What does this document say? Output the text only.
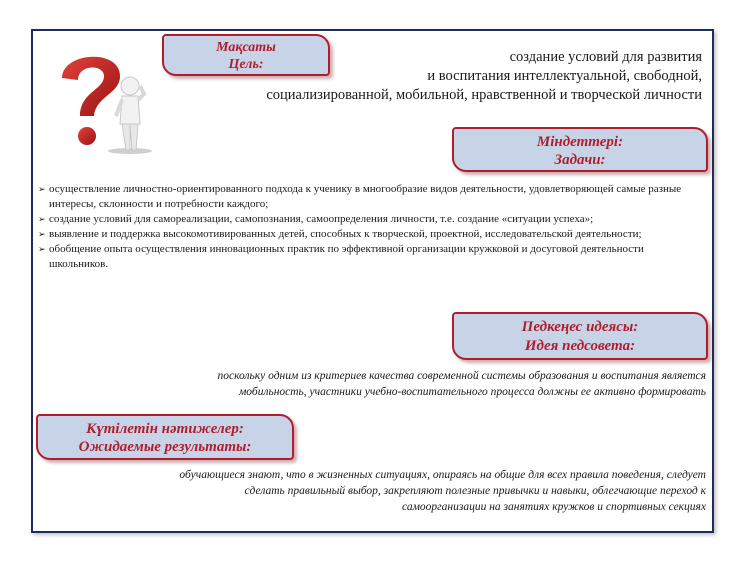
Мақсаты
Цель:	создание условий для развития
и воспитания интеллектуальной, свободной,
социализированной, мобильной, нравственной и творческой личности
Міндеттері:
Задачи:
➢ осуществление личностно-ориентированного подхода к ученику в многообразие видов деятельности, удовлетворяющей самые разные интересы, склонности и потребности каждого;
➢ создание условий для самореализации, самопознания, самоопределения личности, т.е. создание «ситуации успеха»;
➢ выявление и поддержка высокомотивированных детей, способных к творческой, проектной, исследовательской деятельности;
➢ обобщение опыта осуществления инновационных практик по эффективной организации кружковой и досуговой деятельности школьников.
Педкеңес идеясы:
Идея педсовета:
поскольку одним из критериев качества современной системы образования и воспитания является
мобильность, участники учебно-воспитательного процесса должны ее активно формировать
Күтілетін нәтижелер:
Ожидаемые результаты:
обучающиеся знают, что в жизненных ситуациях, опираясь на общие для всех правила поведения, следует
сделать правильный выбор, закрепляют полезные привычки и навыки, облегчающие переход к
самоорганизации на занятиях кружков и спортивных секциях
